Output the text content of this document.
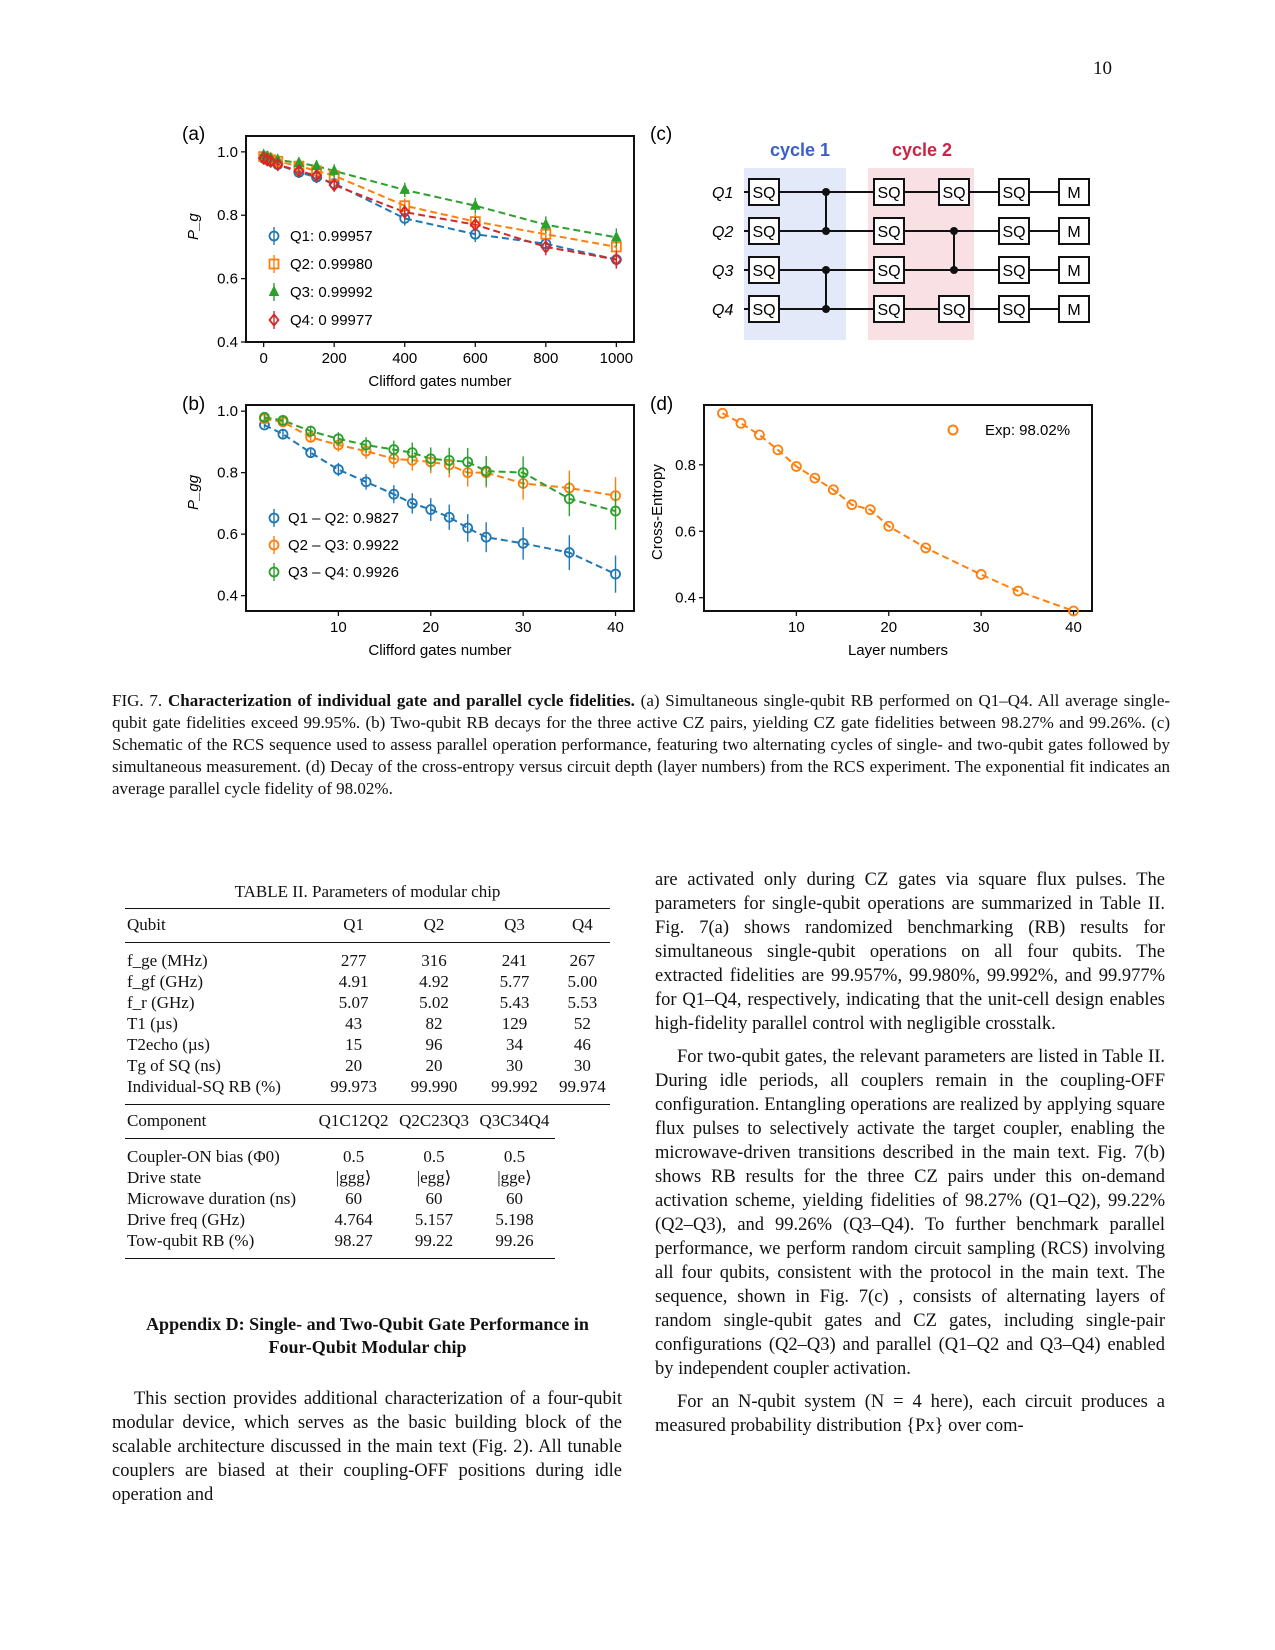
10
(a)
P_g
Clifford gates number
0	200	400	600	800	1000
0.4
0.6
0.8
1.0
Q1: 0.99957
Q2: 0.99980
Q3: 0.99992
Q4: 0 99977
(b)
P_gg
Clifford gates number
10	20	30	40
0.4
0.6
0.8
1.0
Q1 – Q2: 0.9827
Q2 – Q3: 0.9922
Q3 – Q4: 0.9926
(c)
cycle 1	cycle 2
Q1
Q2
Q3
Q4
SQ
SQ
SQ
SQ
SQ
SQ
SQ
SQ
SQ
SQ
SQ
SQ
SQ
SQ
M
M
M
M
(d)
Cross-Entropy
Layer numbers
10	20	30	40
0.4
0.6
0.8
Exp: 98.02%
FIG. 7. Characterization of individual gate and parallel cycle fidelities. (a) Simultaneous single-qubit RB performed on Q1–Q4. All average single-qubit gate fidelities exceed 99.95%. (b) Two-qubit RB decays for the three active CZ pairs, yielding CZ gate fidelities between 98.27% and 99.26%. (c) Schematic of the RCS sequence used to assess parallel operation performance, featuring two alternating cycles of single- and two-qubit gates followed by simultaneous measurement. (d) Decay of the cross-entropy versus circuit depth (layer numbers) from the RCS experiment. The exponential fit indicates an average parallel cycle fidelity of 98.02%.
TABLE II. Parameters of modular chip
Qubit	Q1	Q2	Q3	Q4
f_ge (MHz)	277	316	241	267
f_gf (GHz)	4.91	4.92	5.77	5.00
f_r (GHz)	5.07	5.02	5.43	5.53
T1 (µs)	43	82	129	52
T2echo (µs)	15	96	34	46
Tg of SQ (ns)	20	20	30	30
Individual-SQ RB (%)	99.973	99.990	99.992	99.974
Component	Q1C12Q2	Q2C23Q3	Q3C34Q4	
Coupler-ON bias (Φ0)	0.5	0.5	0.5	
Drive state	|ggg⟩	|egg⟩	|gge⟩	
Microwave duration (ns)	60	60	60	
Drive freq (GHz)	4.764	5.157	5.198	
Tow-qubit RB (%)	98.27	99.22	99.26	
Appendix D: Single- and Two-Qubit Gate Performance in Four-Qubit Modular chip

This section provides additional characterization of a four-qubit modular device, which serves as the basic building block of the scalable architecture discussed in the main text (Fig. 2). All tunable couplers are biased at their coupling-OFF positions during idle operation and

are activated only during CZ gates via square flux pulses. The parameters for single-qubit operations are summarized in Table II. Fig. 7(a) shows randomized benchmarking (RB) results for simultaneous single-qubit operations on all four qubits. The extracted fidelities are 99.957%, 99.980%, 99.992%, and 99.977% for Q1–Q4, respectively, indicating that the unit-cell design enables high-fidelity parallel control with negligible crosstalk.

For two-qubit gates, the relevant parameters are listed in Table II. During idle periods, all couplers remain in the coupling-OFF configuration. Entangling operations are realized by applying square flux pulses to selectively activate the target coupler, enabling the microwave-driven transitions described in the main text. Fig. 7(b) shows RB results for the three CZ pairs under this on-demand activation scheme, yielding fidelities of 98.27% (Q1–Q2), 99.22% (Q2–Q3), and 99.26% (Q3–Q4). To further benchmark parallel performance, we perform random circuit sampling (RCS) involving all four qubits, consistent with the protocol in the main text. The sequence, shown in Fig. 7(c) , consists of alternating layers of random single-qubit gates and CZ gates, including single-pair configurations (Q2–Q3) and parallel (Q1–Q2 and Q3–Q4) enabled by independent coupler activation.

For an N-qubit system (N = 4 here), each circuit produces a measured probability distribution {Px} over com-
